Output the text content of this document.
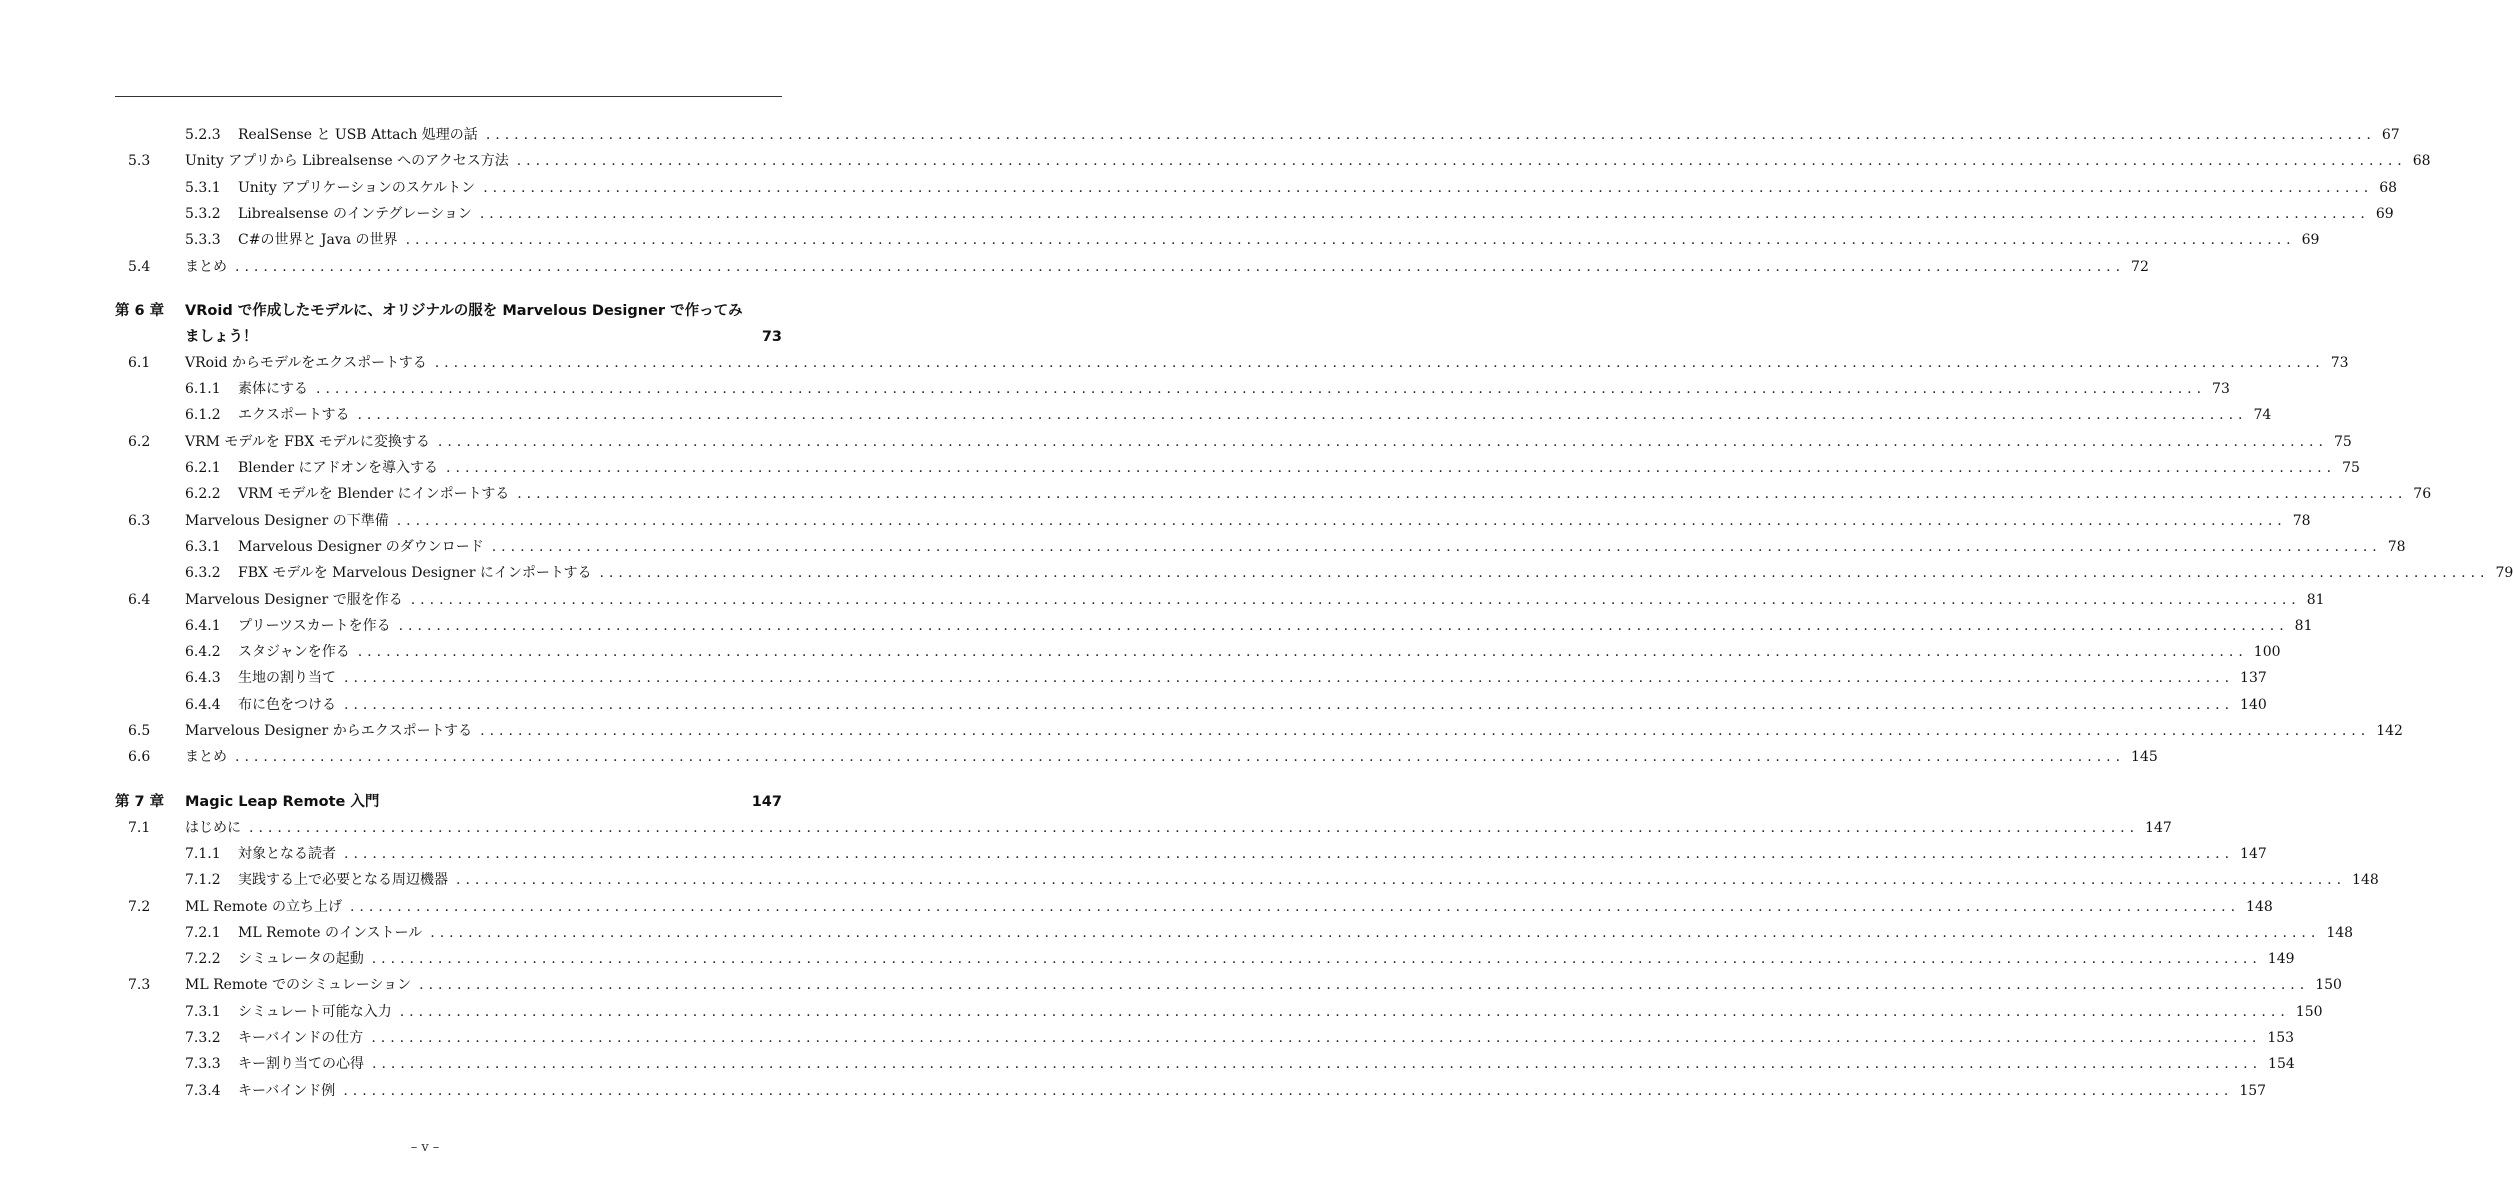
5.2.3 RealSense と USB Attach 処理の話 ........................................................................................................................................................................................................ 67
5.3 Unity アプリから Librealsense へのアクセス方法 ........................................................................................................................................................................................................ 68
5.3.1 Unity アプリケーションのスケルトン ........................................................................................................................................................................................................ 68
5.3.2 Librealsense のインテグレーション ........................................................................................................................................................................................................ 69
5.3.3 C#の世界と Java の世界 ........................................................................................................................................................................................................ 69
5.4 まとめ ........................................................................................................................................................................................................ 72
第 6 章 VRoid で作成したモデルに、オリジナルの服を Marvelous Designer で作ってみましょう！	73
6.1 VRoid からモデルをエクスポートする ........................................................................................................................................................................................................ 73
6.1.1 素体にする ........................................................................................................................................................................................................ 73
6.1.2 エクスポートする ........................................................................................................................................................................................................ 74
6.2 VRM モデルを FBX モデルに変換する ........................................................................................................................................................................................................ 75
6.2.1 Blender にアドオンを導入する ........................................................................................................................................................................................................ 75
6.2.2 VRM モデルを Blender にインポートする ........................................................................................................................................................................................................ 76
6.3 Marvelous Designer の下準備 ........................................................................................................................................................................................................ 78
6.3.1 Marvelous Designer のダウンロード ........................................................................................................................................................................................................ 78
6.3.2 FBX モデルを Marvelous Designer にインポートする ........................................................................................................................................................................................................ 79
6.4 Marvelous Designer で服を作る ........................................................................................................................................................................................................ 81
6.4.1 プリーツスカートを作る ........................................................................................................................................................................................................ 81
6.4.2 スタジャンを作る ........................................................................................................................................................................................................ 100
6.4.3 生地の割り当て ........................................................................................................................................................................................................ 137
6.4.4 布に色をつける ........................................................................................................................................................................................................ 140
6.5 Marvelous Designer からエクスポートする ........................................................................................................................................................................................................ 142
6.6 まとめ ........................................................................................................................................................................................................ 145
第 7 章 Magic Leap Remote 入門	147
7.1 はじめに ........................................................................................................................................................................................................ 147
7.1.1 対象となる読者 ........................................................................................................................................................................................................ 147
7.1.2 実践する上で必要となる周辺機器 ........................................................................................................................................................................................................ 148
7.2 ML Remote の立ち上げ ........................................................................................................................................................................................................ 148
7.2.1 ML Remote のインストール ........................................................................................................................................................................................................ 148
7.2.2 シミュレータの起動 ........................................................................................................................................................................................................ 149
7.3 ML Remote でのシミュレーション ........................................................................................................................................................................................................ 150
7.3.1 シミュレート可能な入力 ........................................................................................................................................................................................................ 150
7.3.2 キーバインドの仕方 ........................................................................................................................................................................................................ 153
7.3.3 キー割り当ての心得 ........................................................................................................................................................................................................ 154
7.3.4 キーバインド例 ........................................................................................................................................................................................................ 157
– v –
